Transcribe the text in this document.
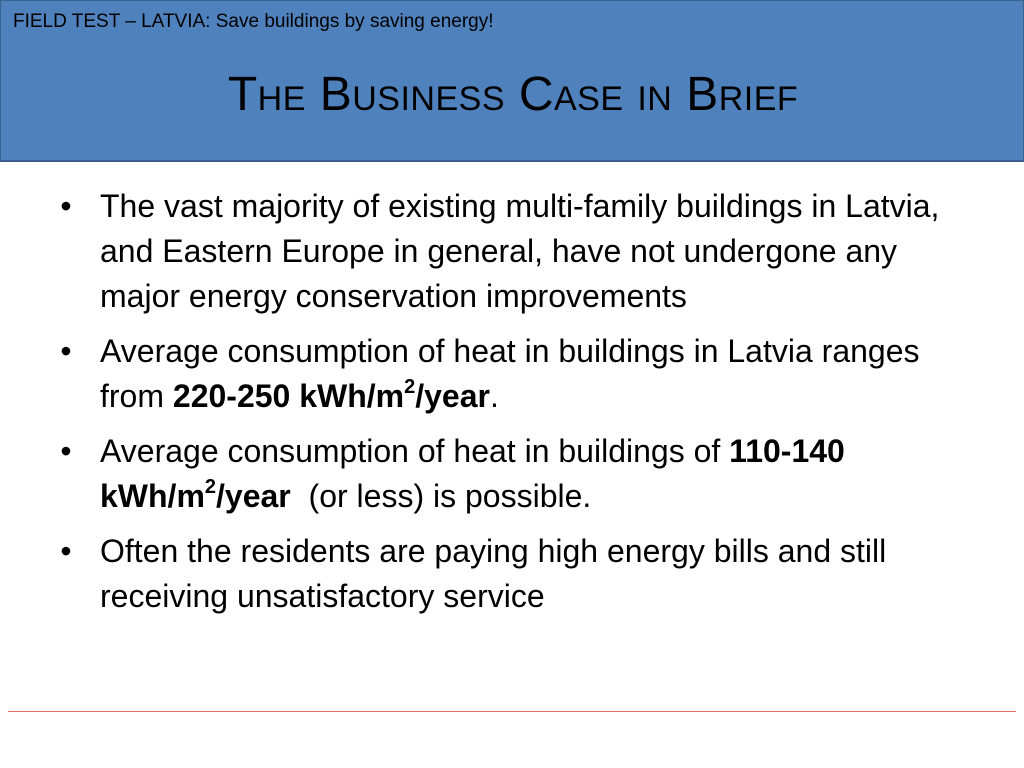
FIELD TEST – LATVIA: Save buildings by saving energy!
The Business Case in Brief
• The vast majority of existing multi-family buildings in Latvia, and Eastern Europe in general, have not undergone any major energy conservation improvements
• Average consumption of heat in buildings in Latvia ranges from 220-250 kWh/$m^2$/year.
• Average consumption of heat in buildings of 110-140 kWh/$m^2$/year  (or less) is possible.
• Often the residents are paying high energy bills and still receiving unsatisfactory service
